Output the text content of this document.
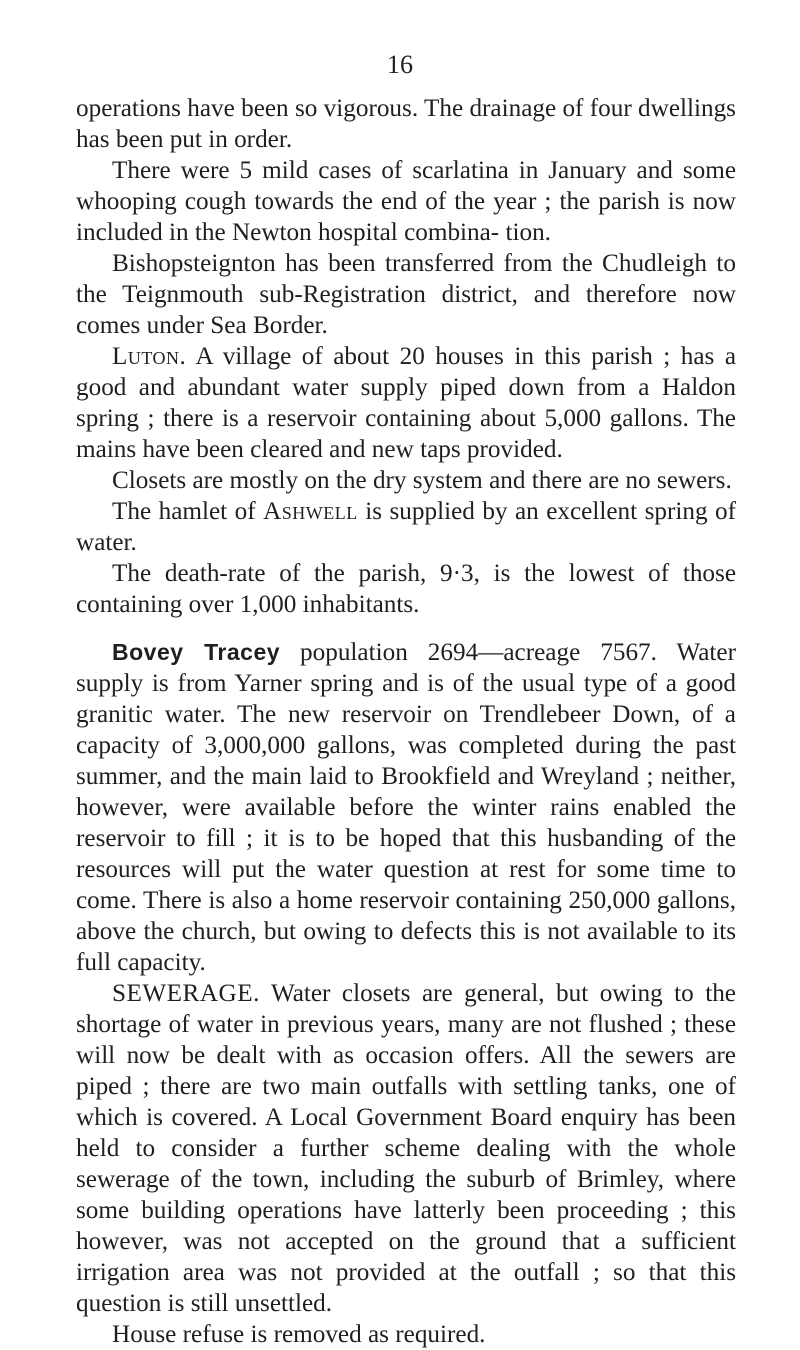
16

operations have been so vigorous. The drainage of four dwellings has been put in order.

There were 5 mild cases of scarlatina in January and some whooping cough towards the end of the year ; the parish is now included in the Newton hospital combina- tion.

Bishopsteignton has been transferred from the Chudleigh to the Teignmouth sub-Registration district, and therefore now comes under Sea Border.

Luton. A village of about 20 houses in this parish ; has a good and abundant water supply piped down from a Haldon spring ; there is a reservoir containing about 5,000 gallons. The mains have been cleared and new taps provided.

Closets are mostly on the dry system and there are no sewers.

The hamlet of Ashwell is supplied by an excellent spring of water.

The death-rate of the parish, 9·3, is the lowest of those containing over 1,000 inhabitants.

Bovey Tracey population 2694—acreage 7567. Water supply is from Yarner spring and is of the usual type of a good granitic water. The new reservoir on Trendlebeer Down, of a capacity of 3,000,000 gallons, was completed during the past summer, and the main laid to Brookfield and Wreyland ; neither, however, were available before the winter rains enabled the reservoir to fill ; it is to be hoped that this husbanding of the resources will put the water question at rest for some time to come. There is also a home reservoir containing 250,000 gallons, above the church, but owing to defects this is not available to its full capacity.

SEWERAGE. Water closets are general, but owing to the shortage of water in previous years, many are not flushed ; these will now be dealt with as occasion offers. All the sewers are piped ; there are two main outfalls with settling tanks, one of which is covered. A Local Government Board enquiry has been held to consider a further scheme dealing with the whole sewerage of the town, including the suburb of Brimley, where some building operations have latterly been proceeding ; this however, was not accepted on the ground that a sufficient irrigation area was not provided at the outfall ; so that this question is still unsettled.

House refuse is removed as required.
